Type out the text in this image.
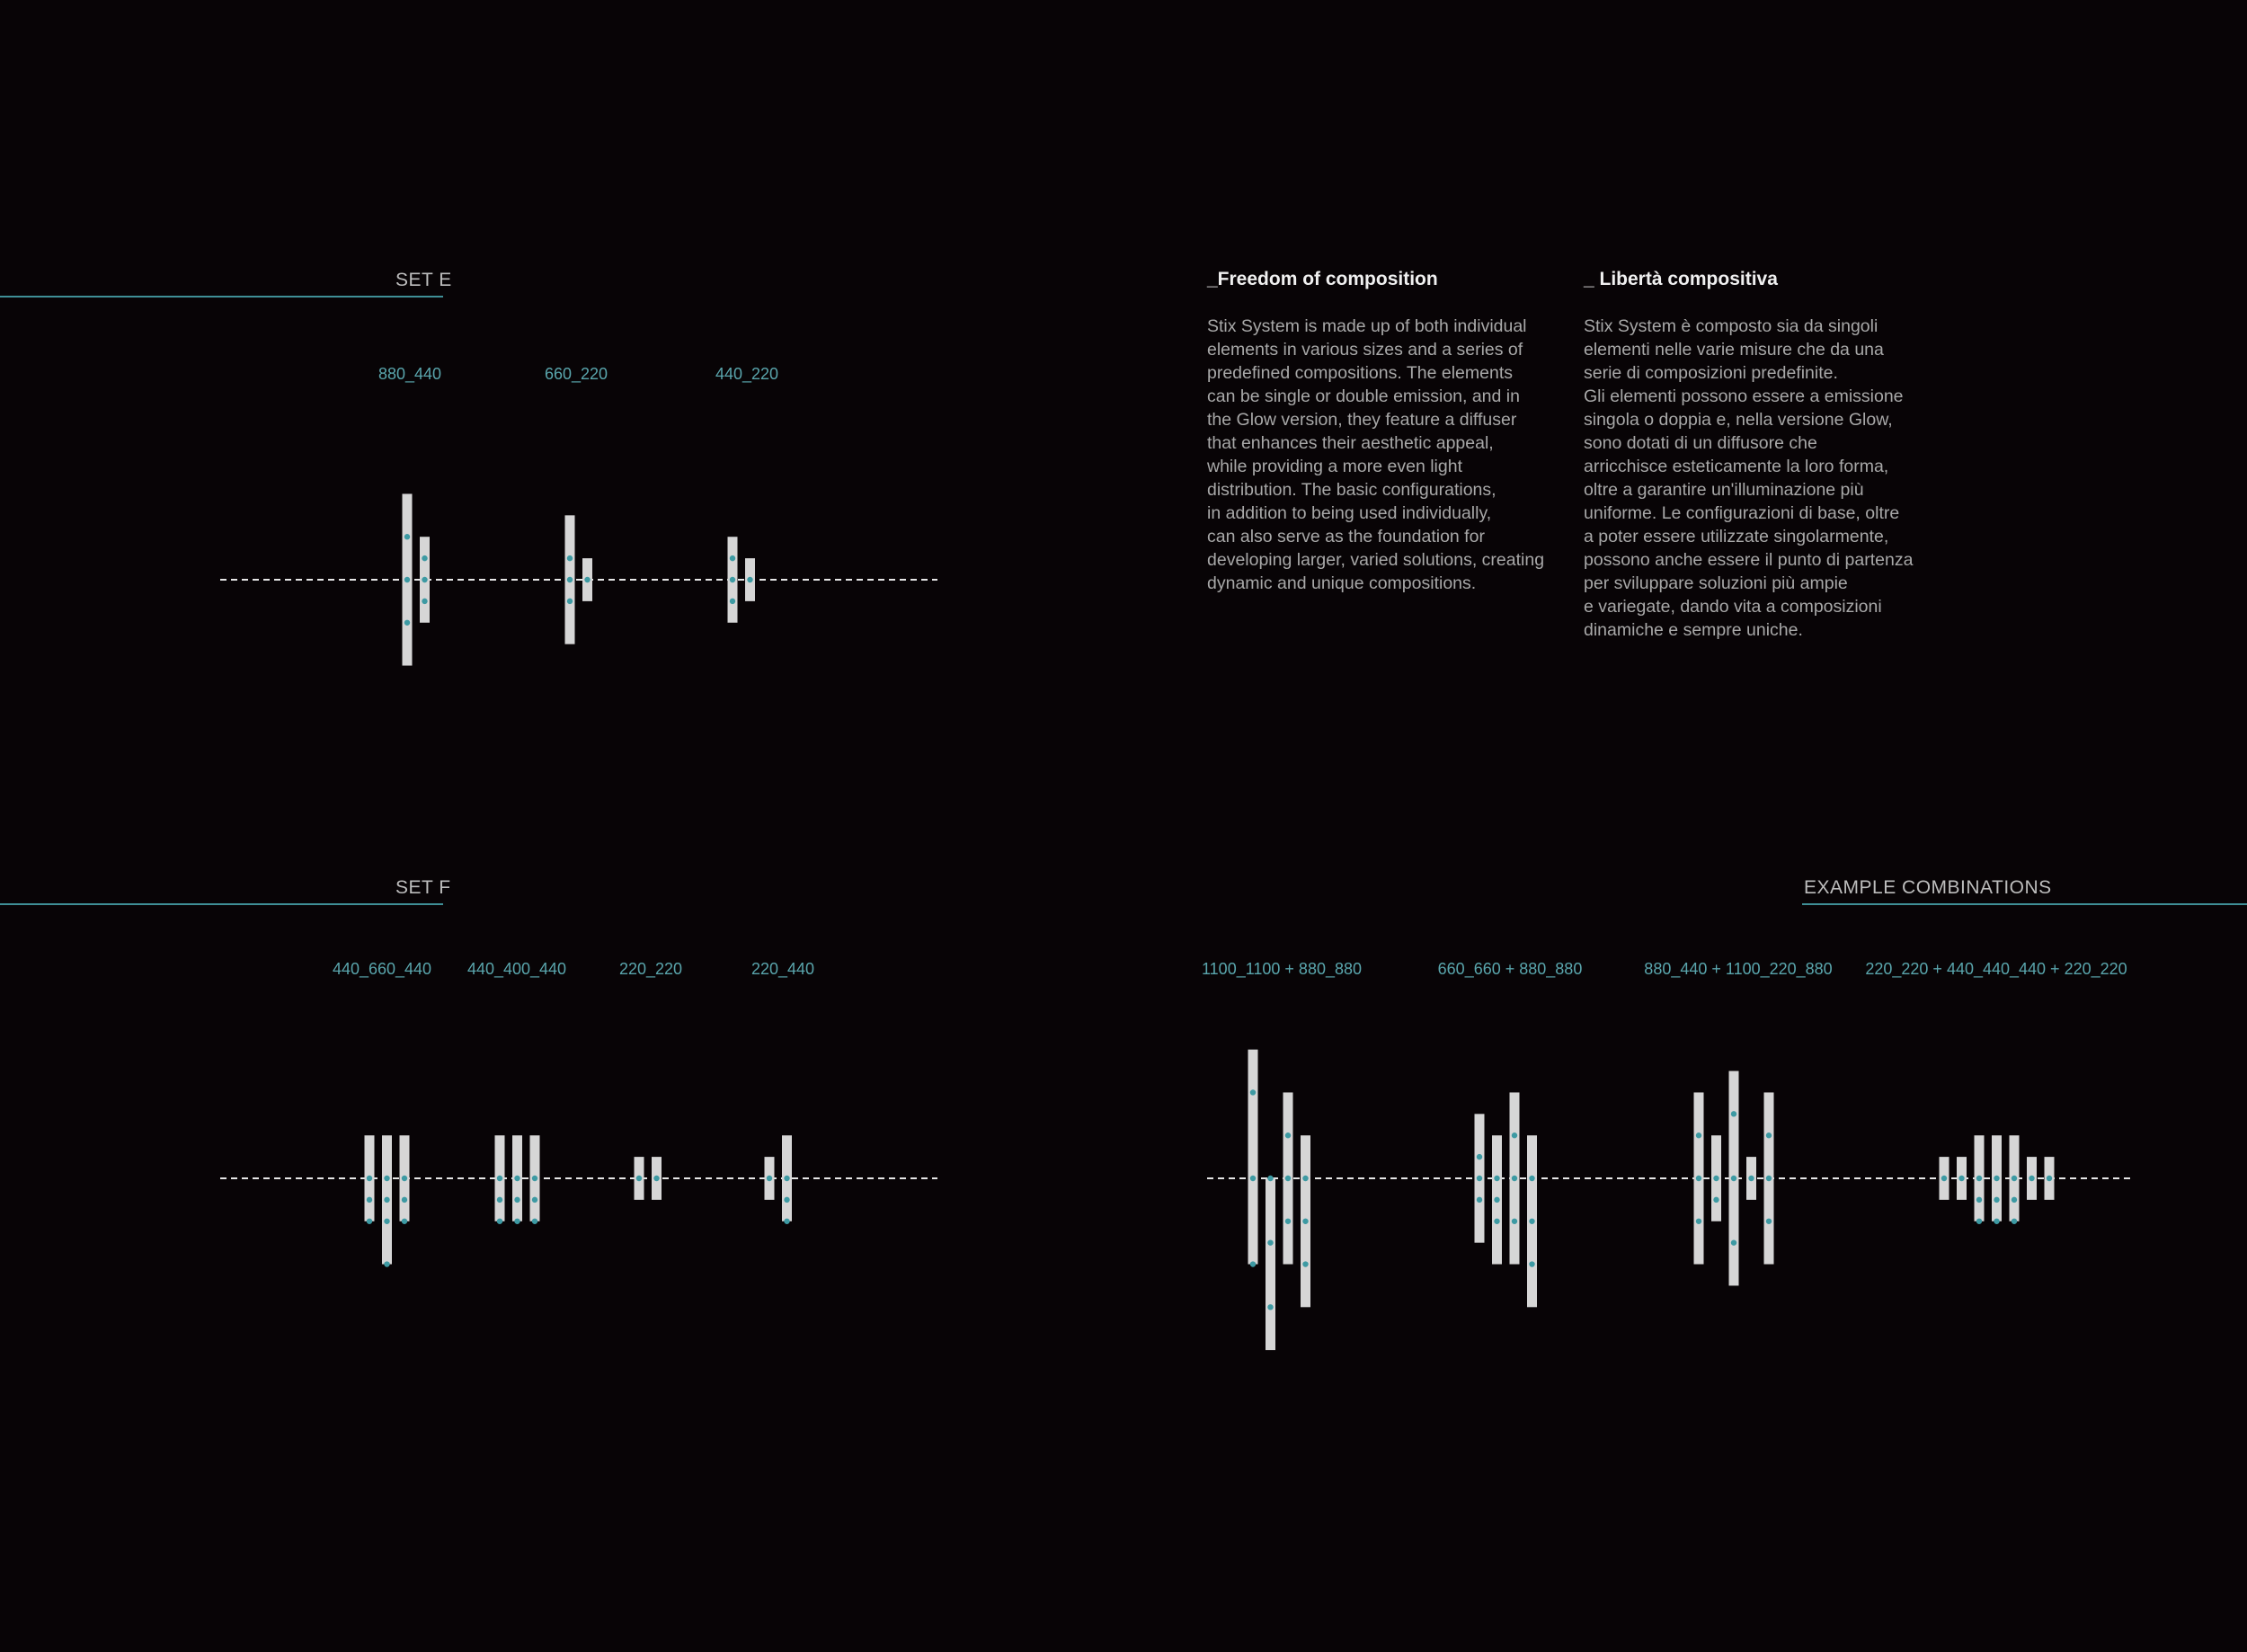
SET E
880_440	660_220	440_220
_Freedom of composition
Stix System is made up of both individual
elements in various sizes and a series of
predefined compositions. The elements
can be single or double emission, and in
the Glow version, they feature a diffuser
that enhances their aesthetic appeal,
while providing a more even light
distribution. The basic configurations,
in addition to being used individually,
can also serve as the foundation for
developing larger, varied solutions, creating
dynamic and unique compositions.
_ Libertà compositiva
Stix System è composto sia da singoli
elementi nelle varie misure che da una
serie di composizioni predefinite.
Gli elementi possono essere a emissione
singola o doppia e, nella versione Glow,
sono dotati di un diffusore che
arricchisce esteticamente la loro forma,
oltre a garantire un'illuminazione più
uniforme. Le configurazioni di base, oltre
a poter essere utilizzate singolarmente,
possono anche essere il punto di partenza
per sviluppare soluzioni più ampie
e variegate, dando vita a composizioni
dinamiche e sempre uniche.
SET F
440_660_440 440_400_440	220_220	220_440
EXAMPLE COMBINATIONS
1100_1100 + 880_880	660_660 + 880_880	880_440 + 1100_220_880 220_220 + 440_440_440 + 220_220
